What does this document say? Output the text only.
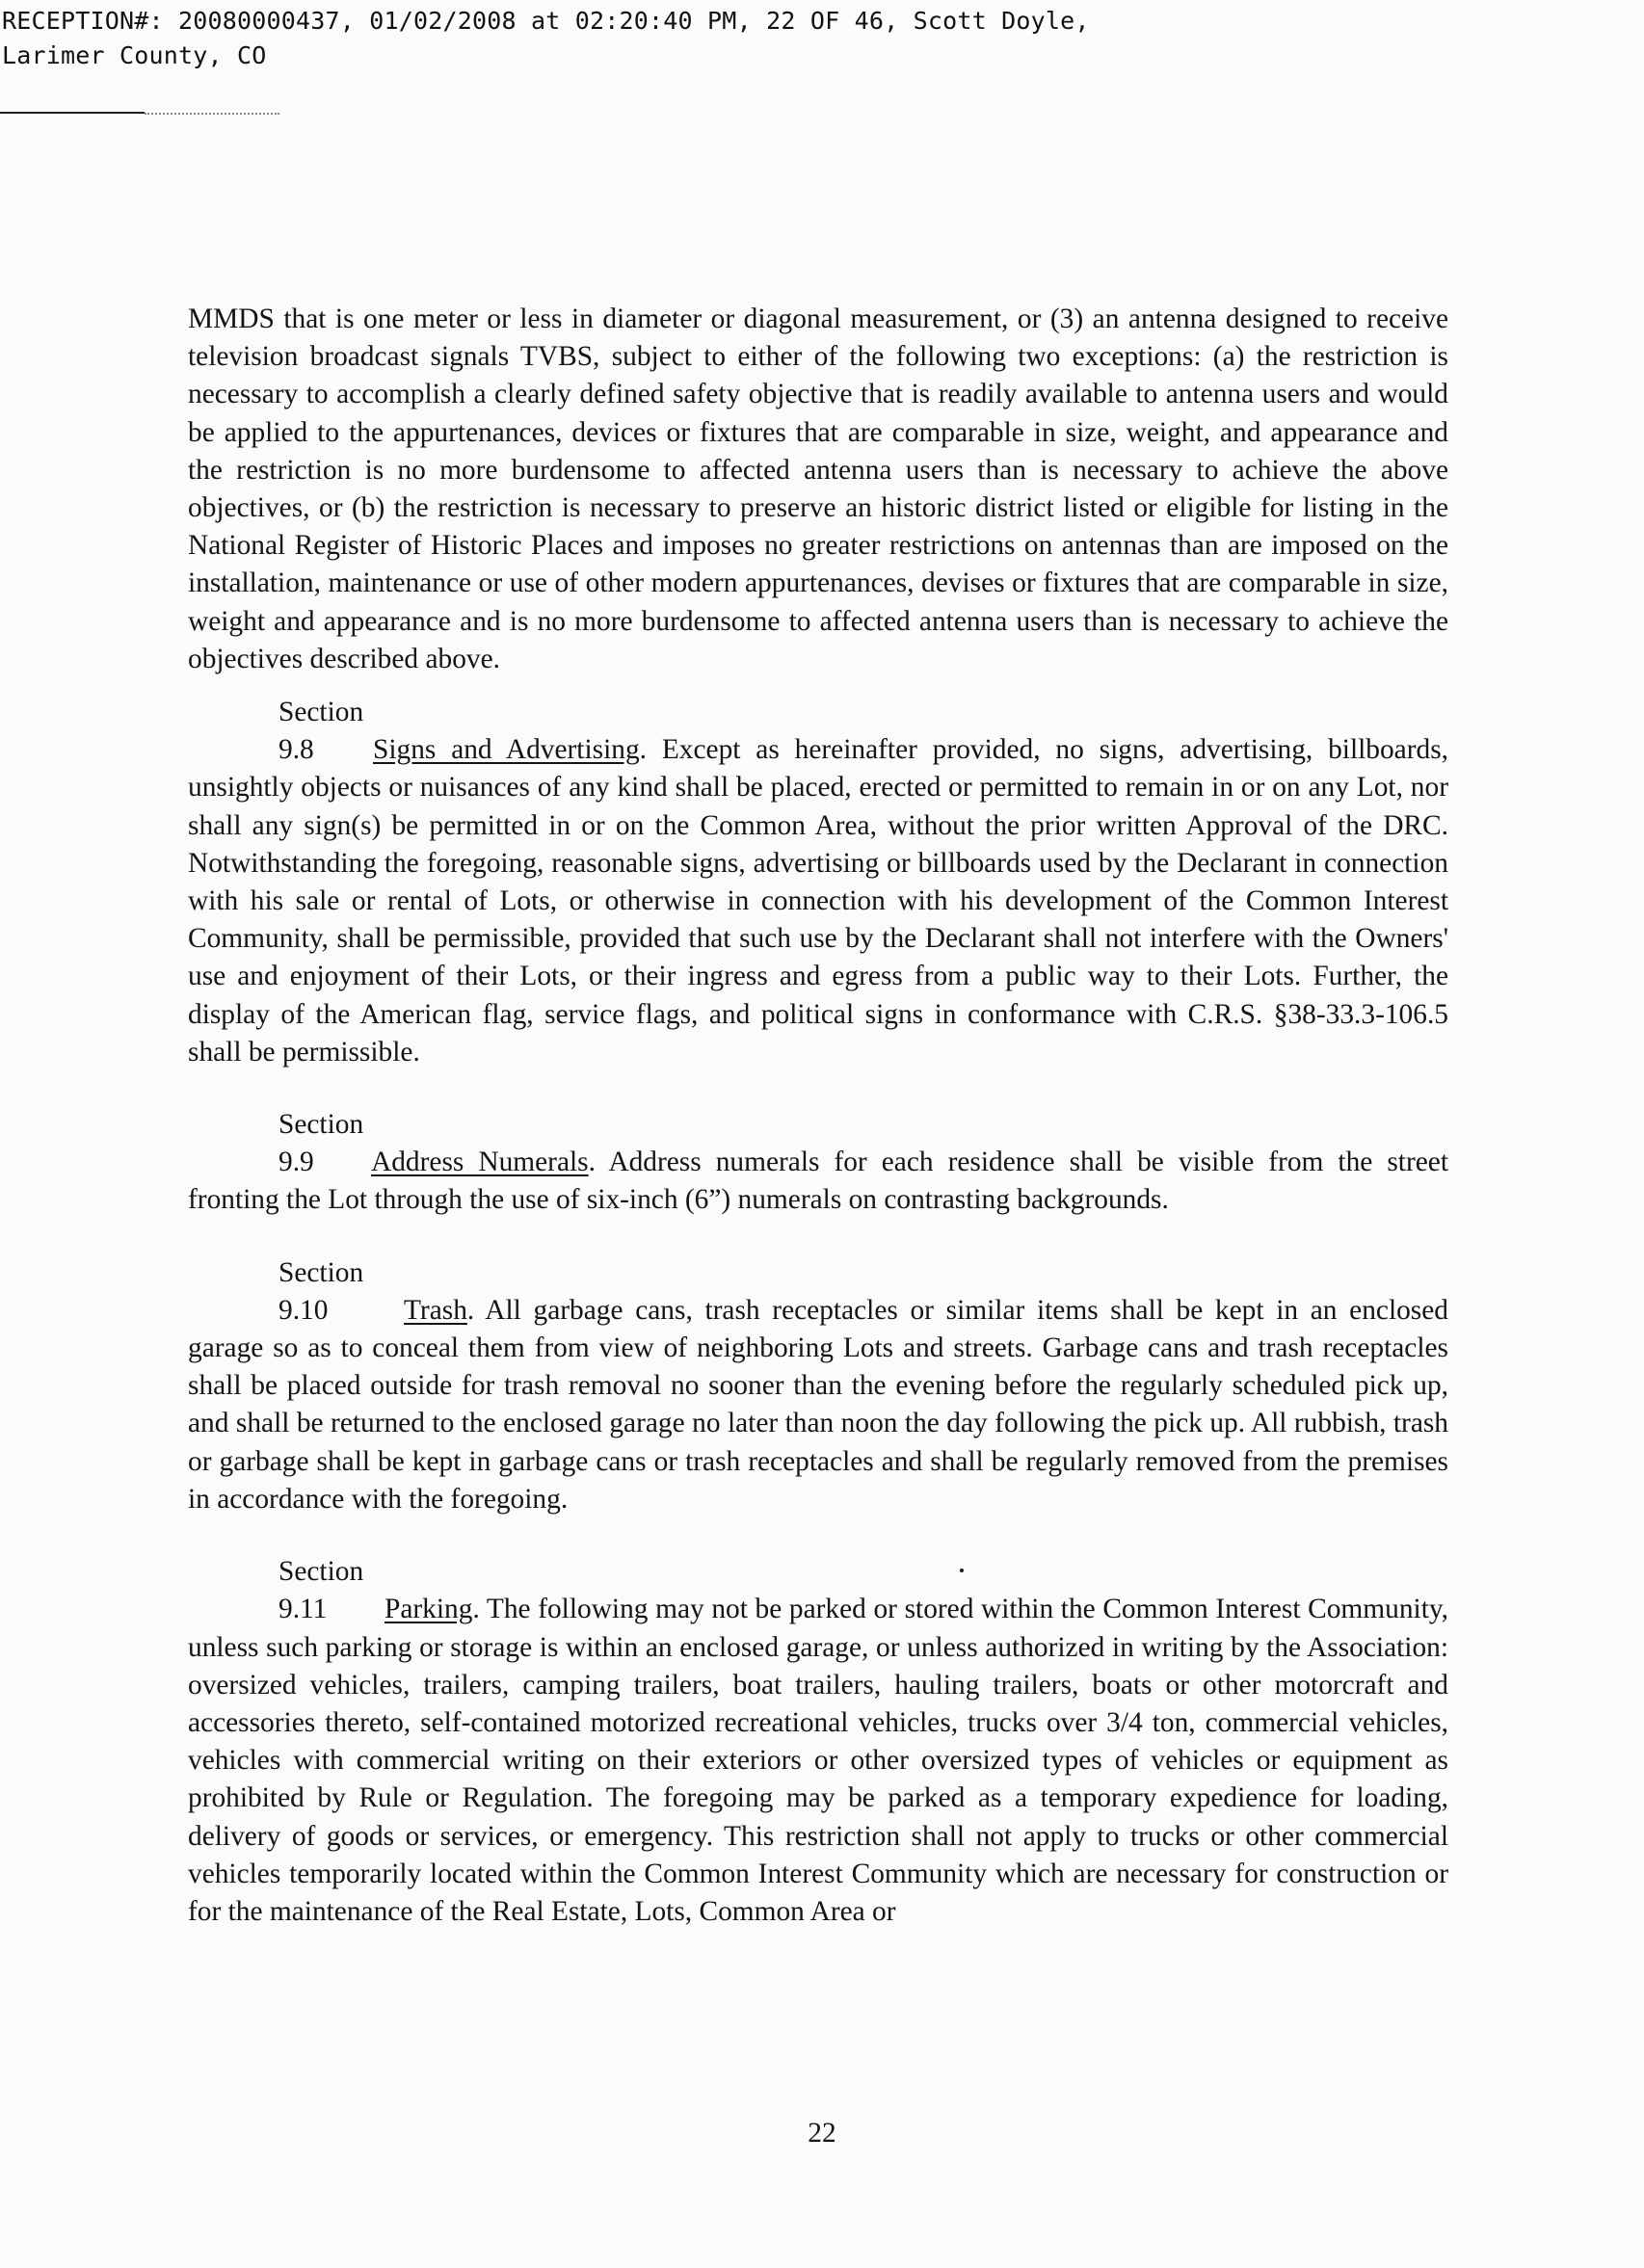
RECEPTION#: 20080000437, 01/02/2008 at 02:20:40 PM, 22 OF 46, Scott Doyle,
Larimer County, CO

MMDS that is one meter or less in diameter or diagonal measurement, or (3) an antenna designed to receive television broadcast signals TVBS, subject to either of the following two exceptions: (a) the restriction is necessary to accomplish a clearly defined safety objective that is readily available to antenna users and would be applied to the appurtenances, devices or fixtures that are comparable in size, weight, and appearance and the restriction is no more burdensome to affected antenna users than is necessary to achieve the above objectives, or (b) the restriction is necessary to preserve an historic district listed or eligible for listing in the National Register of Historic Places and imposes no greater restrictions on antennas than are imposed on the installation, maintenance or use of other modern appurtenances, devises or fixtures that are comparable in size, weight and appearance and is no more burdensome to affected antenna users than is necessary to achieve the objectives described above.

Section 9.8 Signs and Advertising. Except as hereinafter provided, no signs, advertising, billboards, unsightly objects or nuisances of any kind shall be placed, erected or permitted to remain in or on any Lot, nor shall any sign(s) be permitted in or on the Common Area, without the prior written Approval of the DRC. Notwithstanding the foregoing, reasonable signs, advertising or billboards used by the Declarant in connection with his sale or rental of Lots, or otherwise in connection with his development of the Common Interest Community, shall be permissible, provided that such use by the Declarant shall not interfere with the Owners' use and enjoyment of their Lots, or their ingress and egress from a public way to their Lots. Further, the display of the American flag, service flags, and political signs in conformance with C.R.S. §38-33.3-106.5 shall be permissible.

Section 9.9 Address Numerals. Address numerals for each residence shall be visible from the street fronting the Lot through the use of six-inch (6”) numerals on contrasting backgrounds.

Section 9.10	Trash. All garbage cans, trash receptacles or similar items shall be kept in an enclosed garage so as to conceal them from view of neighboring Lots and streets. Garbage cans and trash receptacles shall be placed outside for trash removal no sooner than the evening before the regularly scheduled pick up, and shall be returned to the enclosed garage no later than noon the day following the pick up. All rubbish, trash or garbage shall be kept in garbage cans or trash receptacles and shall be regularly removed from the premises in accordance with the foregoing.

Section 9.11 Parking. The following may not be parked or stored within the Common Interest Community, unless such parking or storage is within an enclosed garage, or unless authorized in writing by the Association: oversized vehicles, trailers, camping trailers, boat trailers, hauling trailers, boats or other motorcraft and accessories thereto, self-contained motorized recreational vehicles, trucks over 3/4 ton, commercial vehicles, vehicles with commercial writing on their exteriors or other oversized types of vehicles or equipment as prohibited by Rule or Regulation. The foregoing may be parked as a temporary expedience for loading, delivery of goods or services, or emergency. This restriction shall not apply to trucks or other commercial vehicles temporarily located within the Common Interest Community which are necessary for construction or for the maintenance of the Real Estate, Lots, Common Area or

22
